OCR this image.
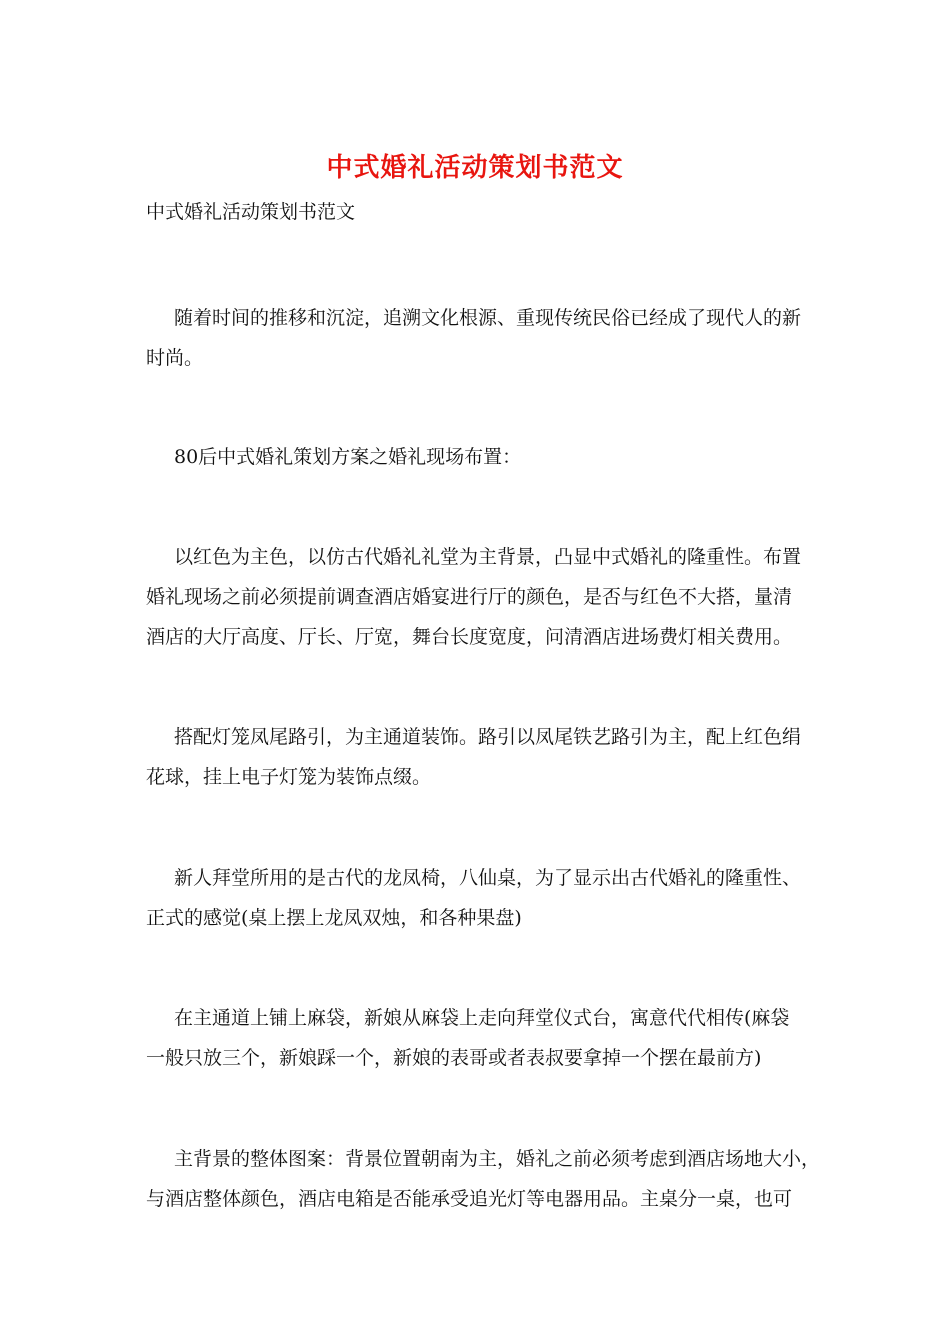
中式婚礼活动策划书范文
中式婚礼活动策划书范文
随着时间的推移和沉淀，追溯文化根源、重现传统民俗已经成了现代人的新
时尚。
80后中式婚礼策划方案之婚礼现场布置：
以红色为主色，以仿古代婚礼礼堂为主背景，凸显中式婚礼的隆重性。布置
婚礼现场之前必须提前调查酒店婚宴进行厅的颜色，是否与红色不大搭，量清
酒店的大厅高度、厅长、厅宽，舞台长度宽度，问清酒店进场费灯相关费用。
搭配灯笼凤尾路引，为主通道装饰。路引以凤尾铁艺路引为主，配上红色绢
花球，挂上电子灯笼为装饰点缀。
新人拜堂所用的是古代的龙凤椅，八仙桌，为了显示出古代婚礼的隆重性、
正式的感觉(桌上摆上龙凤双烛，和各种果盘)
在主通道上铺上麻袋，新娘从麻袋上走向拜堂仪式台，寓意代代相传(麻袋
一般只放三个，新娘踩一个，新娘的表哥或者表叔要拿掉一个摆在最前方)
主背景的整体图案：背景位置朝南为主，婚礼之前必须考虑到酒店场地大小，
与酒店整体颜色，酒店电箱是否能承受追光灯等电器用品。主桌分一桌，也可
